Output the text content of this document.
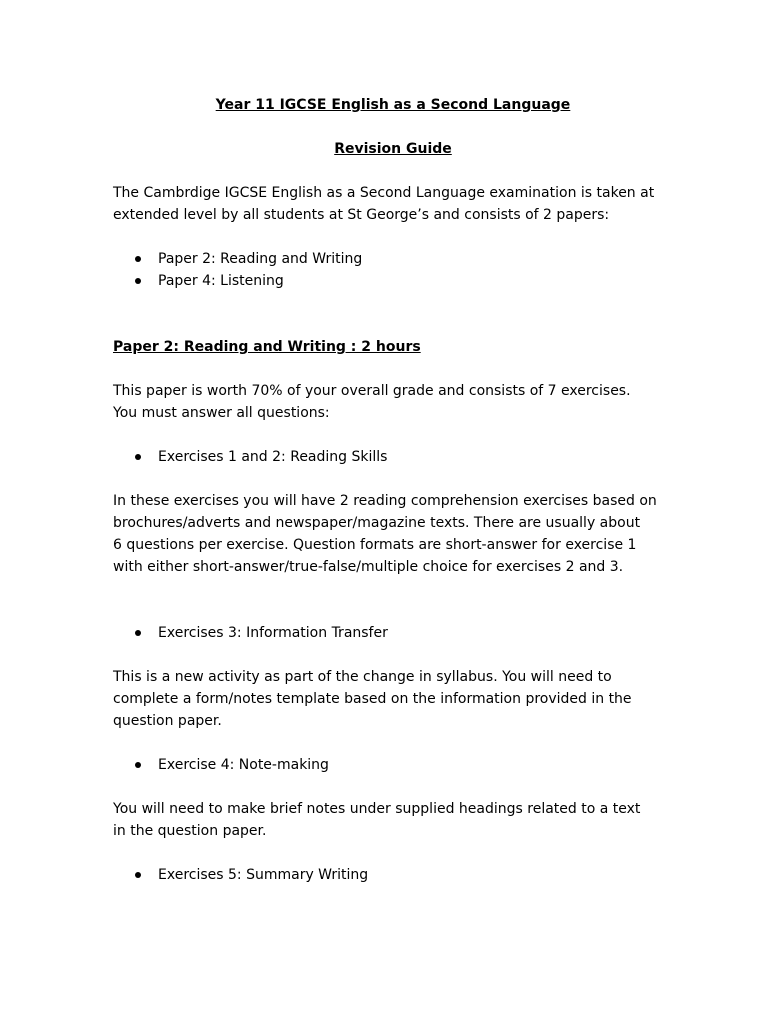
Year 11 IGCSE English as a Second Language

Revision Guide

The Cambrdige IGCSE English as a Second Language examination is taken at
extended level by all students at St George’s and consists of 2 papers:

Paper 2: Reading and Writing
Paper 4: Listening

Paper 2: Reading and Writing : 2 hours

This paper is worth 70% of your overall grade and consists of 7 exercises.
You must answer all questions:

Exercises 1 and 2: Reading Skills

In these exercises you will have 2 reading comprehension exercises based on
brochures/adverts and newspaper/magazine texts. There are usually about
6 questions per exercise. Question formats are short-answer for exercise 1
with either short-answer/true-false/multiple choice for exercises 2 and 3.

Exercises 3: Information Transfer

This is a new activity as part of the change in syllabus. You will need to
complete a form/notes template based on the information provided in the
question paper.

Exercise 4: Note-making

You will need to make brief notes under supplied headings related to a text
in the question paper.

Exercises 5: Summary Writing
